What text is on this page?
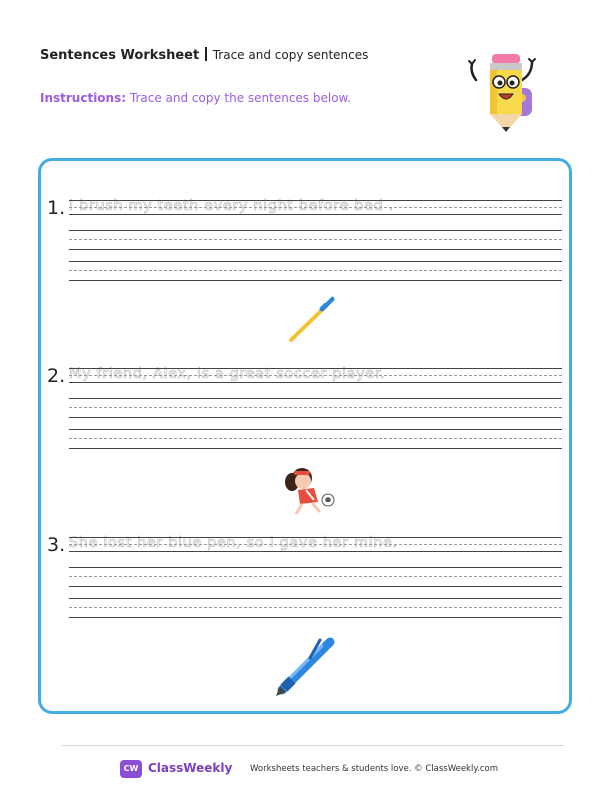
Sentences Worksheet Trace and copy sentences
Instructions: Trace and copy the sentences below.
1. I brush my teeth every night before bed .
2. My friend, Alex, is a great soccer player.
3. She lost her blue pen, so I gave her mine.
CW ClassWeekly Worksheets teachers & students love. © ClassWeekly.com
